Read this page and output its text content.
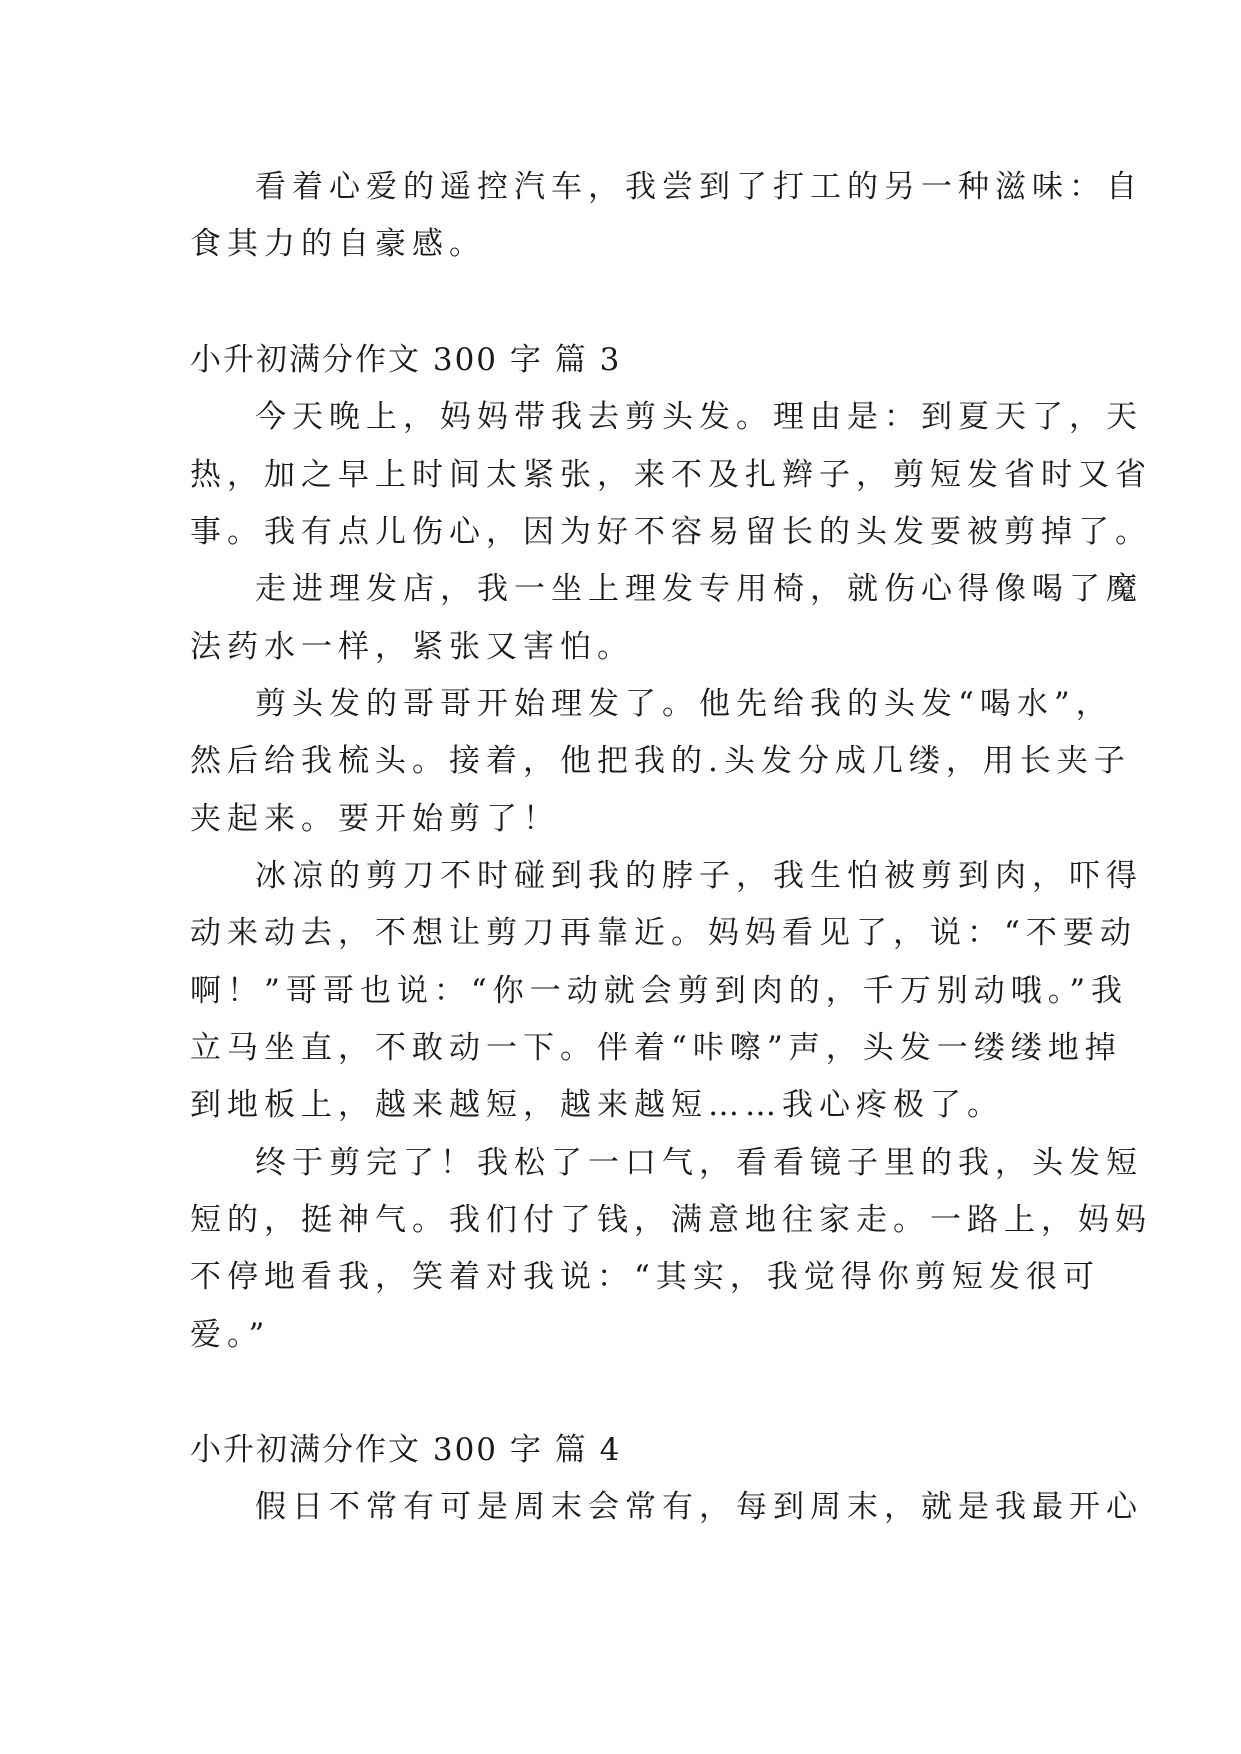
看着心爱的遥控汽车，我尝到了打工的另一种滋味：自
食其力的自豪感。
小升初满分作文 300 字 篇 3
今天晚上，妈妈带我去剪头发。理由是：到夏天了，天
热，加之早上时间太紧张，来不及扎辫子，剪短发省时又省
事。我有点儿伤心，因为好不容易留长的头发要被剪掉了。
走进理发店，我一坐上理发专用椅，就伤心得像喝了魔
法药水一样，紧张又害怕。
剪头发的哥哥开始理发了。他先给我的头发“喝水”，
然后给我梳头。接着，他把我的.头发分成几缕，用长夹子
夹起来。要开始剪了！
冰凉的剪刀不时碰到我的脖子，我生怕被剪到肉，吓得
动来动去，不想让剪刀再靠近。妈妈看见了，说：“不要动
啊！”哥哥也说：“你一动就会剪到肉的，千万别动哦。”我
立马坐直，不敢动一下。伴着“咔嚓”声，头发一缕缕地掉
到地板上，越来越短，越来越短……我心疼极了。
终于剪完了！我松了一口气，看看镜子里的我，头发短
短的，挺神气。我们付了钱，满意地往家走。一路上，妈妈
不停地看我，笑着对我说：“其实，我觉得你剪短发很可
爱。”
小升初满分作文 300 字 篇 4
假日不常有可是周末会常有，每到周末，就是我最开心
